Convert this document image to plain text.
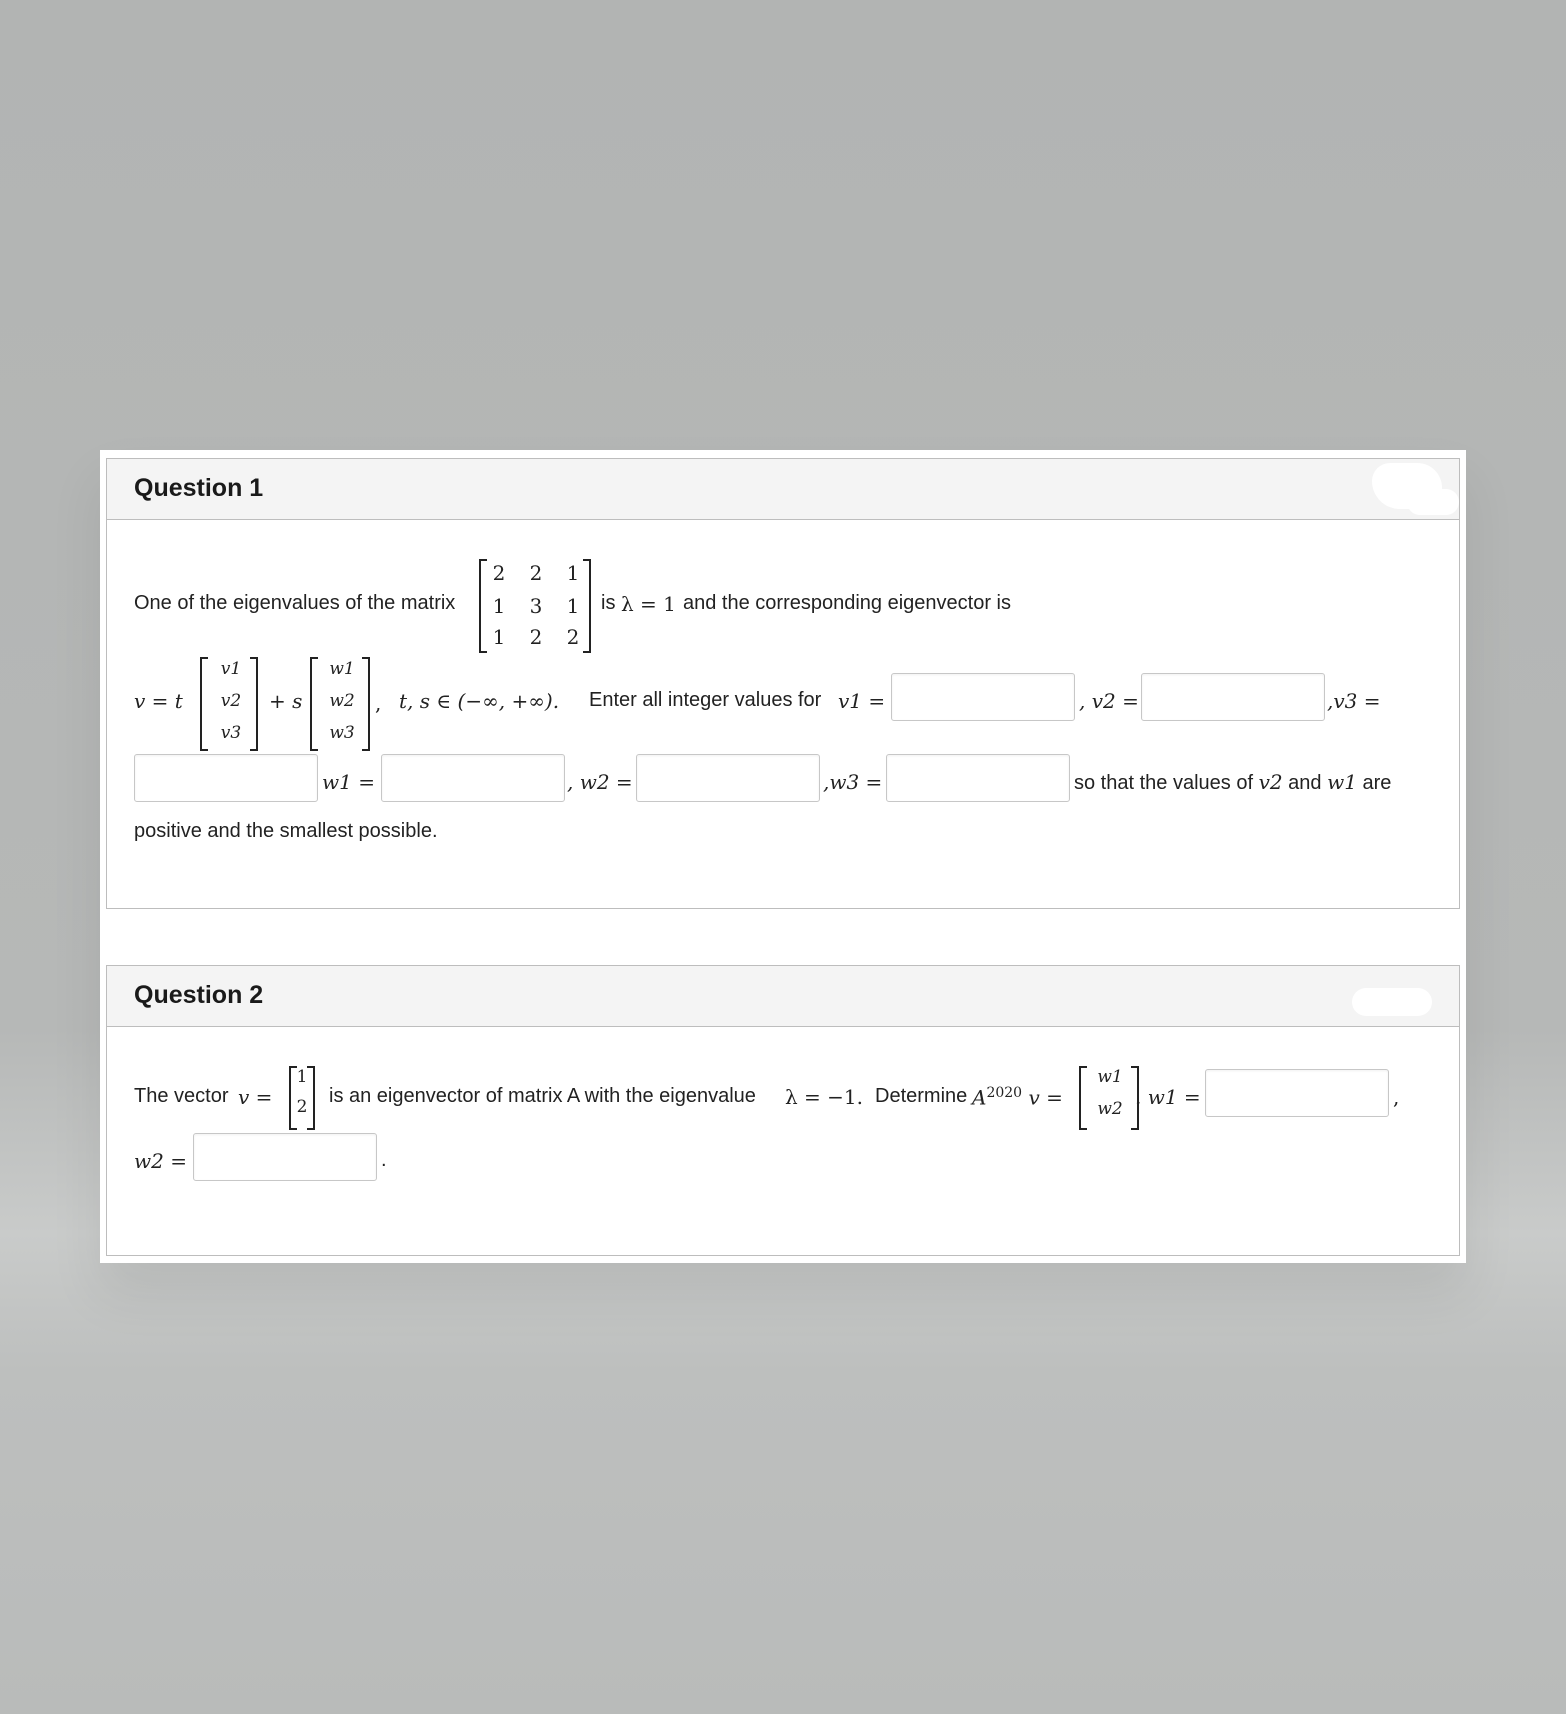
Question 1
One of the eigenvalues of the matrix
2 2 1
1 3 1
1 2 2
is λ = 1 and the corresponding eigenvector is
v = t
v1
v2
v3
+ s
w1
w2
w3
, t, s ∈ (−∞, +∞). Enter all integer values for v1 =	, v2 =	,v3 =
w1 =	, w2 =	,w3 =	so that the values of v2 and w1 are
positive and the smallest possible.
Question 2
The vector v =
1
2	is an eigenvector of matrix A with the eigenvalue λ = −1. Determine $A^{2020}$ v =
w1
w2 . w1 =	,
w2 =	.
